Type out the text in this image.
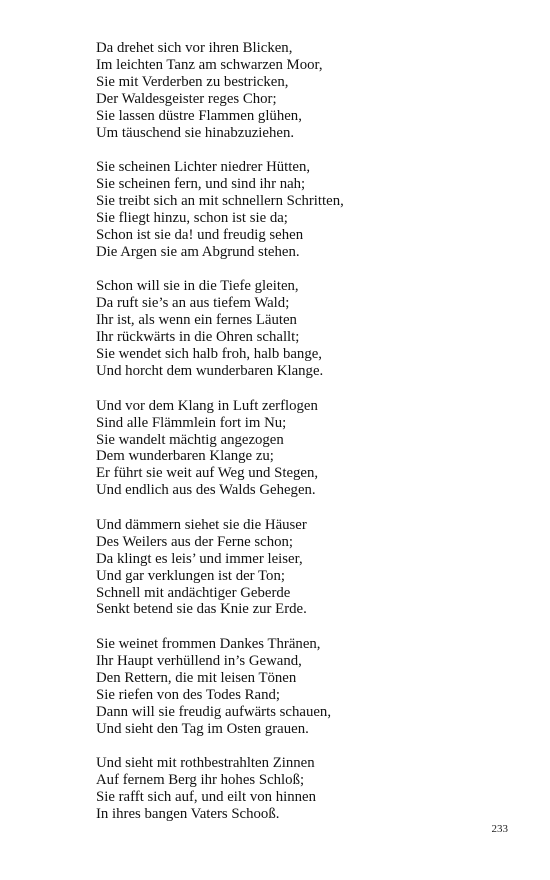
Da drehet sich vor ihren Blicken,
Im leichten Tanz am schwarzen Moor,
Sie mit Verderben zu bestricken,
Der Waldesgeister reges Chor;
Sie lassen düstre Flammen glühen,
Um täuschend sie hinabzuziehen.
Sie scheinen Lichter niedrer Hütten,
Sie scheinen fern, und sind ihr nah;
Sie treibt sich an mit schnellern Schritten,
Sie fliegt hinzu, schon ist sie da;
Schon ist sie da! und freudig sehen
Die Argen sie am Abgrund stehen.
Schon will sie in die Tiefe gleiten,
Da ruft sie’s an aus tiefem Wald;
Ihr ist, als wenn ein fernes Läuten
Ihr rückwärts in die Ohren schallt;
Sie wendet sich halb froh, halb bange,
Und horcht dem wunderbaren Klange.
Und vor dem Klang in Luft zerflogen
Sind alle Flämmlein fort im Nu;
Sie wandelt mächtig angezogen
Dem wunderbaren Klange zu;
Er führt sie weit auf Weg und Stegen,
Und endlich aus des Walds Gehegen.
Und dämmern siehet sie die Häuser
Des Weilers aus der Ferne schon;
Da klingt es leis’ und immer leiser,
Und gar verklungen ist der Ton;
Schnell mit andächtiger Geberde
Senkt betend sie das Knie zur Erde.
Sie weinet frommen Dankes Thränen,
Ihr Haupt verhüllend in’s Gewand,
Den Rettern, die mit leisen Tönen
Sie riefen von des Todes Rand;
Dann will sie freudig aufwärts schauen,
Und sieht den Tag im Osten grauen.
Und sieht mit rothbestrahlten Zinnen
Auf fernem Berg ihr hohes Schloß;
Sie rafft sich auf, und eilt von hinnen
In ihres bangen Vaters Schooß.
233
